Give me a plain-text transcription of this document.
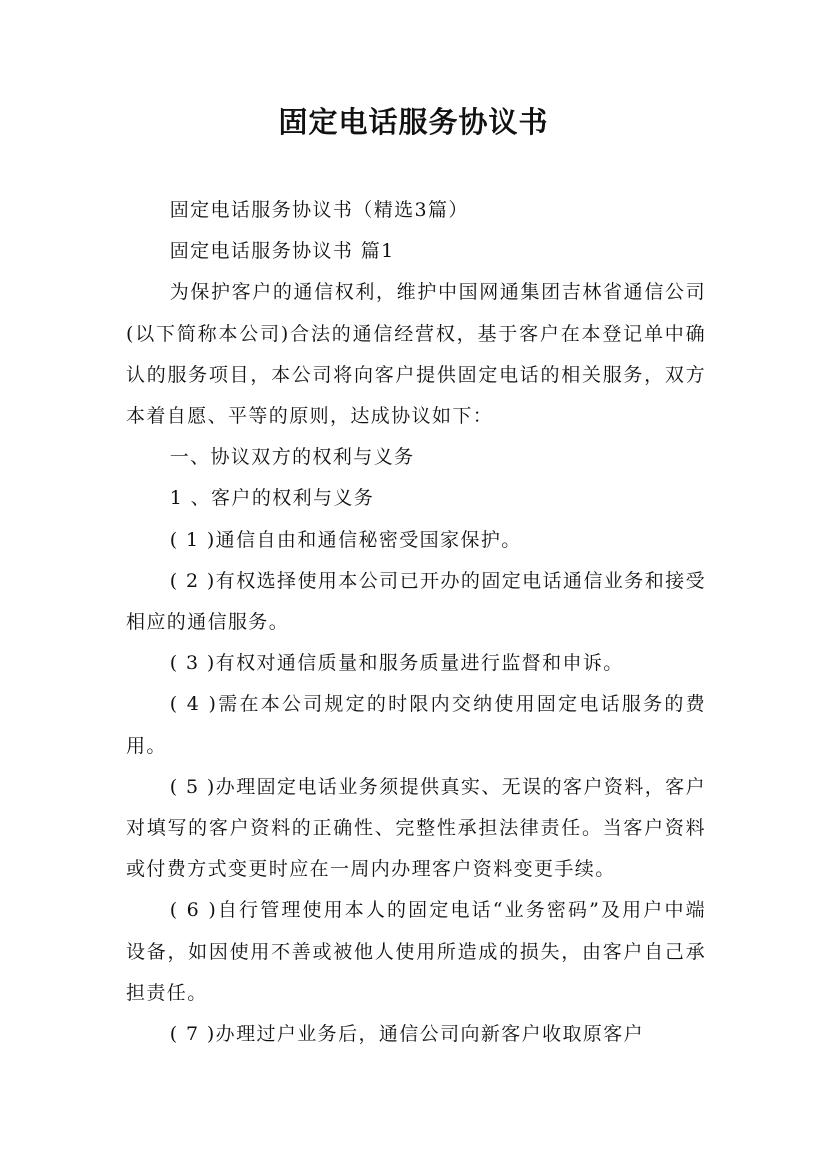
固定电话服务协议书

固定电话服务协议书（精选3篇）

固定电话服务协议书 篇1

为保护客户的通信权利，维护中国网通集团吉林省通信公司(以下简称本公司)合法的通信经营权，基于客户在本登记单中确认的服务项目，本公司将向客户提供固定电话的相关服务，双方本着自愿、平等的原则，达成协议如下：

一、协议双方的权利与义务

1 、客户的权利与义务

( 1 )通信自由和通信秘密受国家保护。

( 2 )有权选择使用本公司已开办的固定电话通信业务和接受相应的通信服务。

( 3 )有权对通信质量和服务质量进行监督和申诉。

( 4 )需在本公司规定的时限内交纳使用固定电话服务的费用。

( 5 )办理固定电话业务须提供真实、无误的客户资料，客户对填写的客户资料的正确性、完整性承担法律责任。当客户资料或付费方式变更时应在一周内办理客户资料变更手续。

( 6 )自行管理使用本人的固定电话“业务密码”及用户中端设备，如因使用不善或被他人使用所造成的损失，由客户自己承担责任。

( 7 )办理过户业务后，通信公司向新客户收取原客户
